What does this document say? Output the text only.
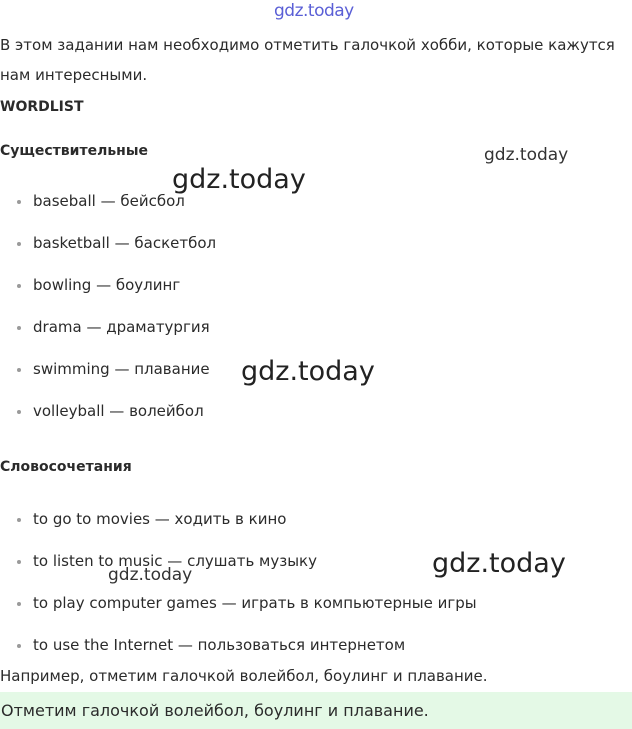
gdz.today
gdz.today
В этом задании нам необходимо отметить галочкой хобби, которые кажутся нам интересными.
WORDLIST
Существительные
baseball — бейсбол
basketball — баскетбол
bowling — боулинг
drama — драматургия
swimming — плавание
volleyball — волейбол
Словосочетания
to go to movies — ходить в кино
to listen to music — слушать музыку
to play computer games — играть в компьютерные игры
to use the Internet — пользоваться интернетом
Например, отметим галочкой волейбол, боулинг и плавание.
Отметим галочкой волейбол, боулинг и плавание.
gdz.today
gdz.today
gdz.today
gdz.today
